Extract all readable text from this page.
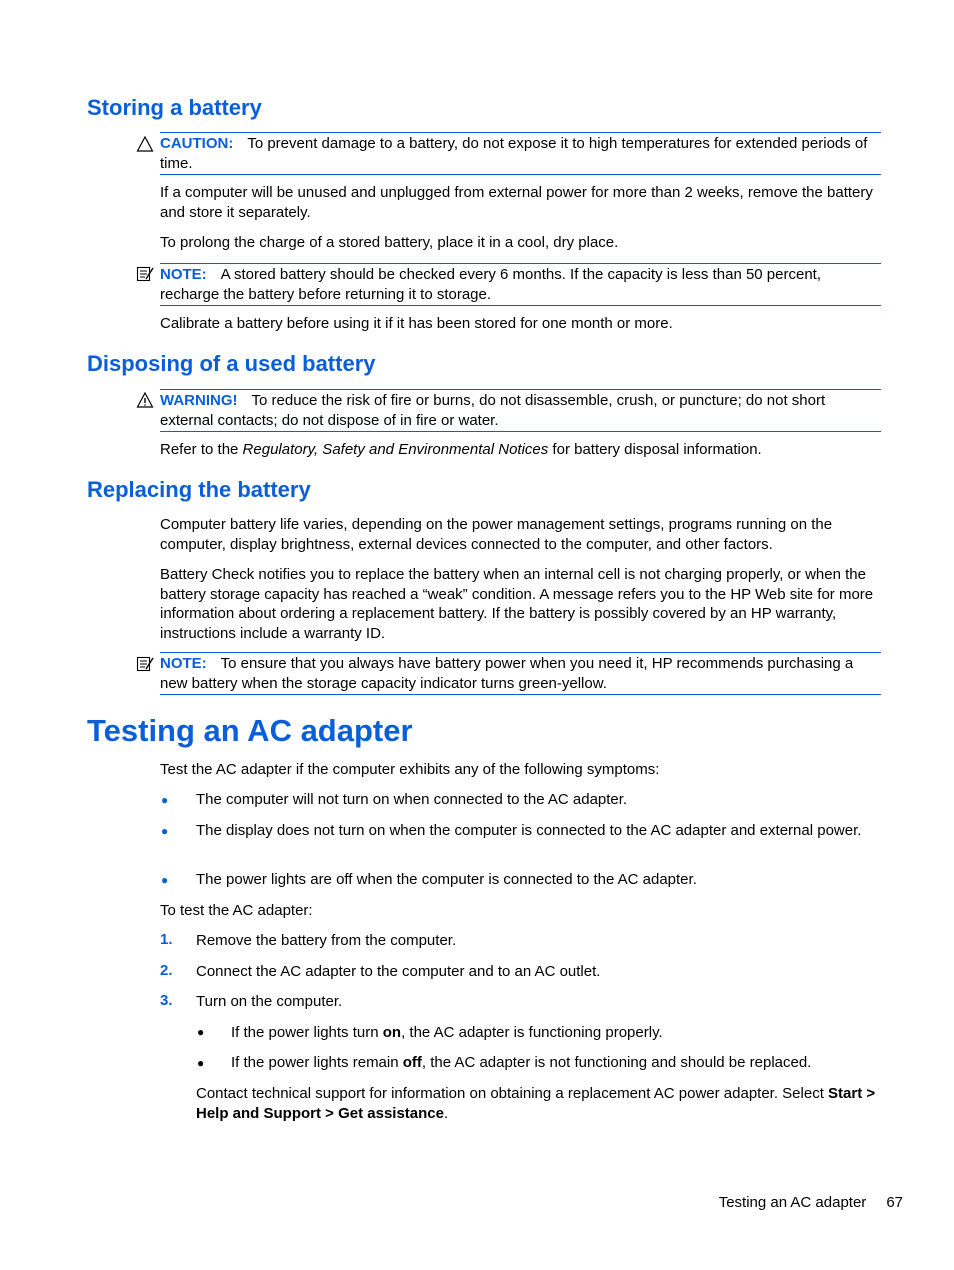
Storing a battery
CAUTION: To prevent damage to a battery, do not expose it to high temperatures for extended periods of time.

If a computer will be unused and unplugged from external power for more than 2 weeks, remove the battery and store it separately.

To prolong the charge of a stored battery, place it in a cool, dry place.

NOTE: A stored battery should be checked every 6 months. If the capacity is less than 50 percent, recharge the battery before returning it to storage.

Calibrate a battery before using it if it has been stored for one month or more.

Disposing of a used battery
WARNING! To reduce the risk of fire or burns, do not disassemble, crush, or puncture; do not short external contacts; do not dispose of in fire or water.

Refer to the Regulatory, Safety and Environmental Notices for battery disposal information.

Replacing the battery

Computer battery life varies, depending on the power management settings, programs running on the computer, display brightness, external devices connected to the computer, and other factors.

Battery Check notifies you to replace the battery when an internal cell is not charging properly, or when the battery storage capacity has reached a “weak” condition. A message refers you to the HP Web site for more information about ordering a replacement battery. If the battery is possibly covered by an HP warranty, instructions include a warranty ID.

NOTE: To ensure that you always have battery power when you need it, HP recommends purchasing a new battery when the storage capacity indicator turns green-yellow.
Testing an AC adapter

Test the AC adapter if the computer exhibits any of the following symptoms:

● The computer will not turn on when connected to the AC adapter.

● The display does not turn on when the computer is connected to the AC adapter and external power.

● The power lights are off when the computer is connected to the AC adapter.

To test the AC adapter:

1. Remove the battery from the computer.

2. Connect the AC adapter to the computer and to an AC outlet.

3. Turn on the computer.

● If the power lights turn on, the AC adapter is functioning properly.

● If the power lights remain off, the AC adapter is not functioning and should be replaced.

Contact technical support for information on obtaining a replacement AC power adapter. Select Start > Help and Support > Get assistance.

Testing an AC adapter 67
